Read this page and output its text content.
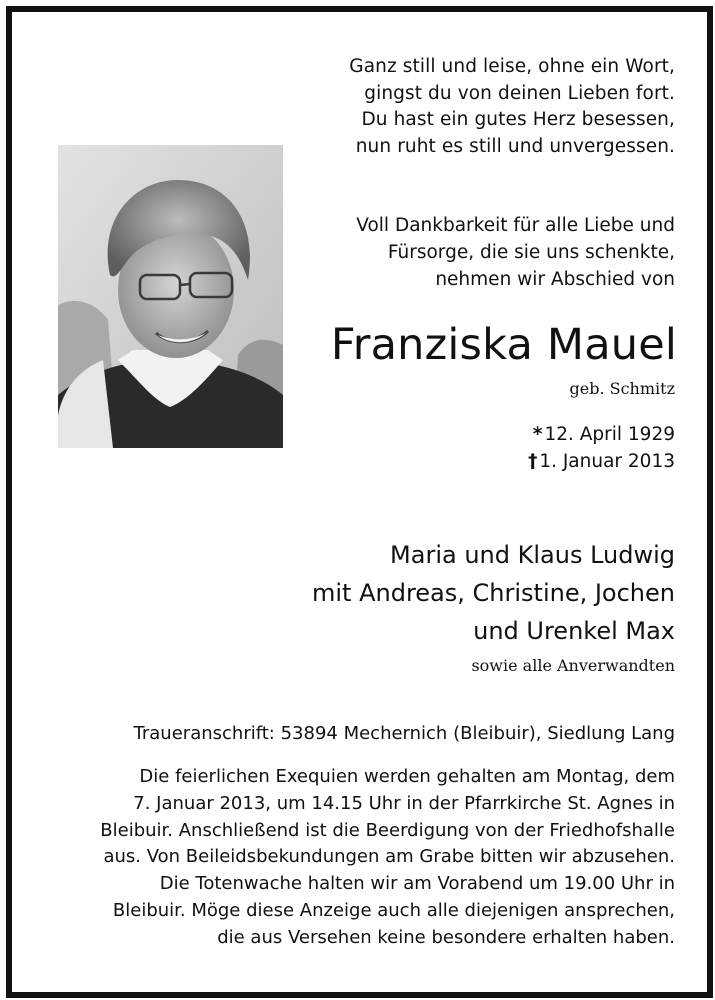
Ganz still und leise, ohne ein Wort,
gingst du von deinen Lieben fort.
Du hast ein gutes Herz besessen,
nun ruht es still und unvergessen.
Voll Dankbarkeit für alle Liebe und
Fürsorge, die sie uns schenkte,
nehmen wir Abschied von
Franziska Mauel
geb. Schmitz
* 12. April 1929
† 1. Januar 2013
Maria und Klaus Ludwig
mit Andreas, Christine, Jochen
und Urenkel Max
sowie alle Anverwandten
Traueranschrift: 53894 Mechernich (Bleibuir), Siedlung Lang
Die feierlichen Exequien werden gehalten am Montag, dem
7. Januar 2013, um 14.15 Uhr in der Pfarrkirche St. Agnes in
Bleibuir. Anschließend ist die Beerdigung von der Friedhofshalle
aus. Von Beileidsbekundungen am Grabe bitten wir abzusehen.
Die Totenwache halten wir am Vorabend um 19.00 Uhr in
Bleibuir. Möge diese Anzeige auch alle diejenigen ansprechen,
die aus Versehen keine besondere erhalten haben.
